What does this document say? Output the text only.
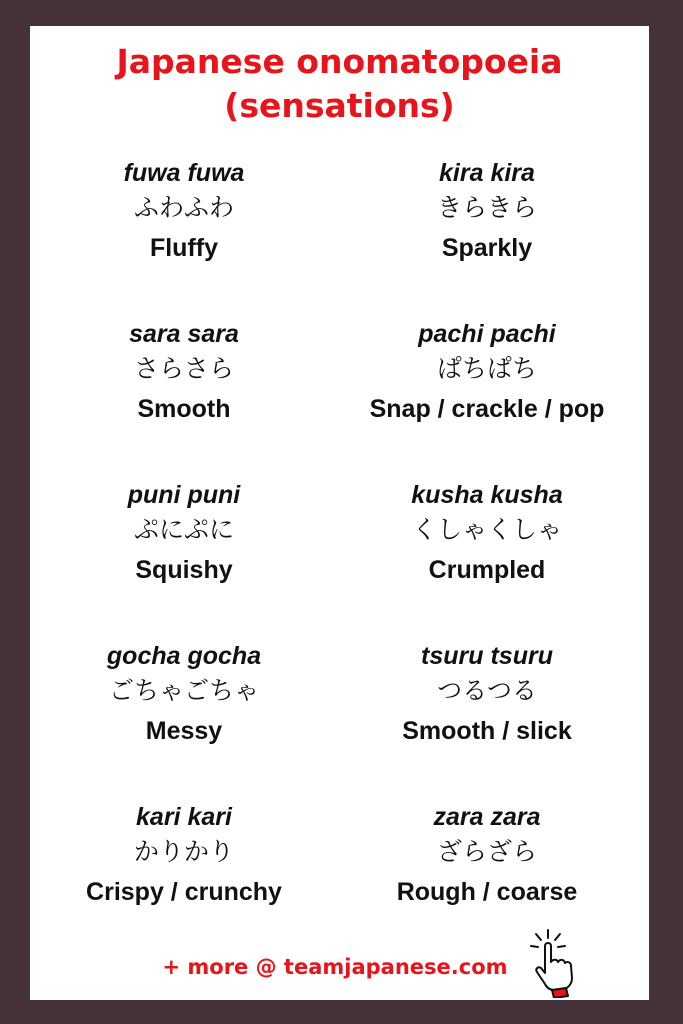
Japanese onomatopoeia
(sensations)
fuwa fuwa
ふわふわ
Fluffy
kira kira
きらきら
Sparkly
sara sara
さらさら
Smooth
pachi pachi
ぱちぱち
Snap / crackle / pop
puni puni
ぷにぷに
Squishy
kusha kusha
くしゃくしゃ
Crumpled
gocha gocha
ごちゃごちゃ
Messy
tsuru tsuru
つるつる
Smooth / slick
kari kari
かりかり
Crispy / crunchy
zara zara
ざらざら
Rough / coarse
+ more @ teamjapanese.com
